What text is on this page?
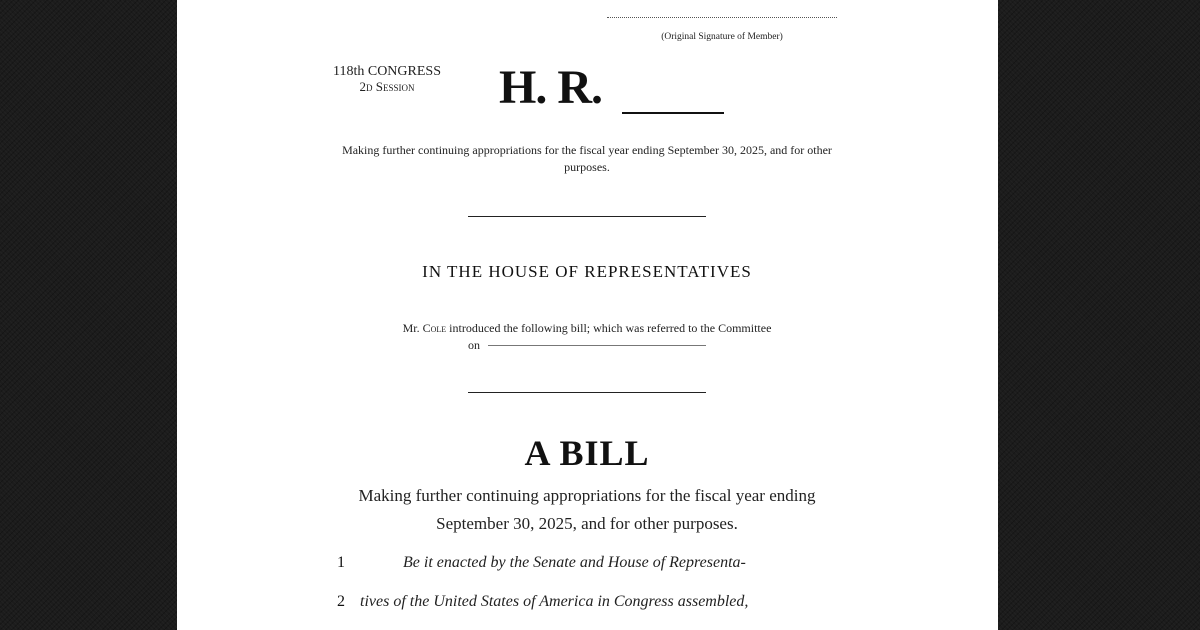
(Original Signature of Member)
118th CONGRESS
2d Session	H. R.
Making further continuing appropriations for the fiscal year ending September 30, 2025, and for other purposes.
IN THE HOUSE OF REPRESENTATIVES
Mr. Cole introduced the following bill; which was referred to the Committee
on
A BILL
Making further continuing appropriations for the fiscal year ending September 30, 2025, and for other purposes.
1	Be it enacted by the Senate and House of Representa-
2 tives of the United States of America in Congress assembled,
